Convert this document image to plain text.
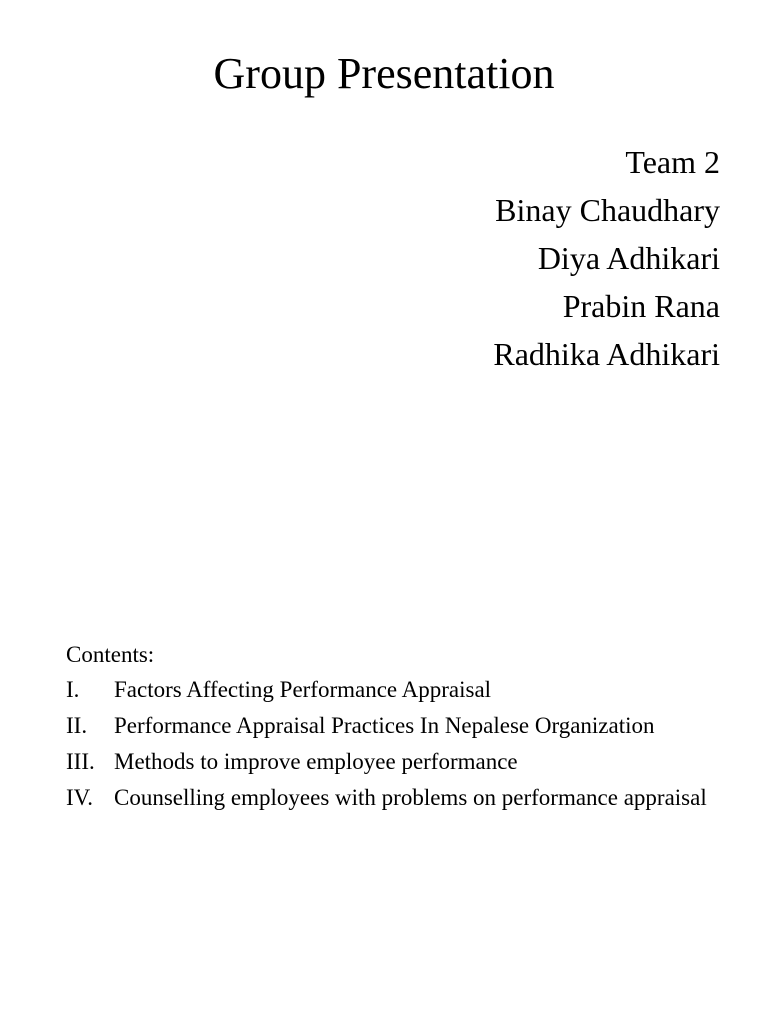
Group Presentation
Team 2
Binay Chaudhary
Diya Adhikari
Prabin Rana
Radhika Adhikari
Contents:
I.	Factors Affecting Performance Appraisal
II.	Performance Appraisal Practices In Nepalese Organization
III. Methods to improve employee performance
IV. Counselling employees with problems on performance appraisal
